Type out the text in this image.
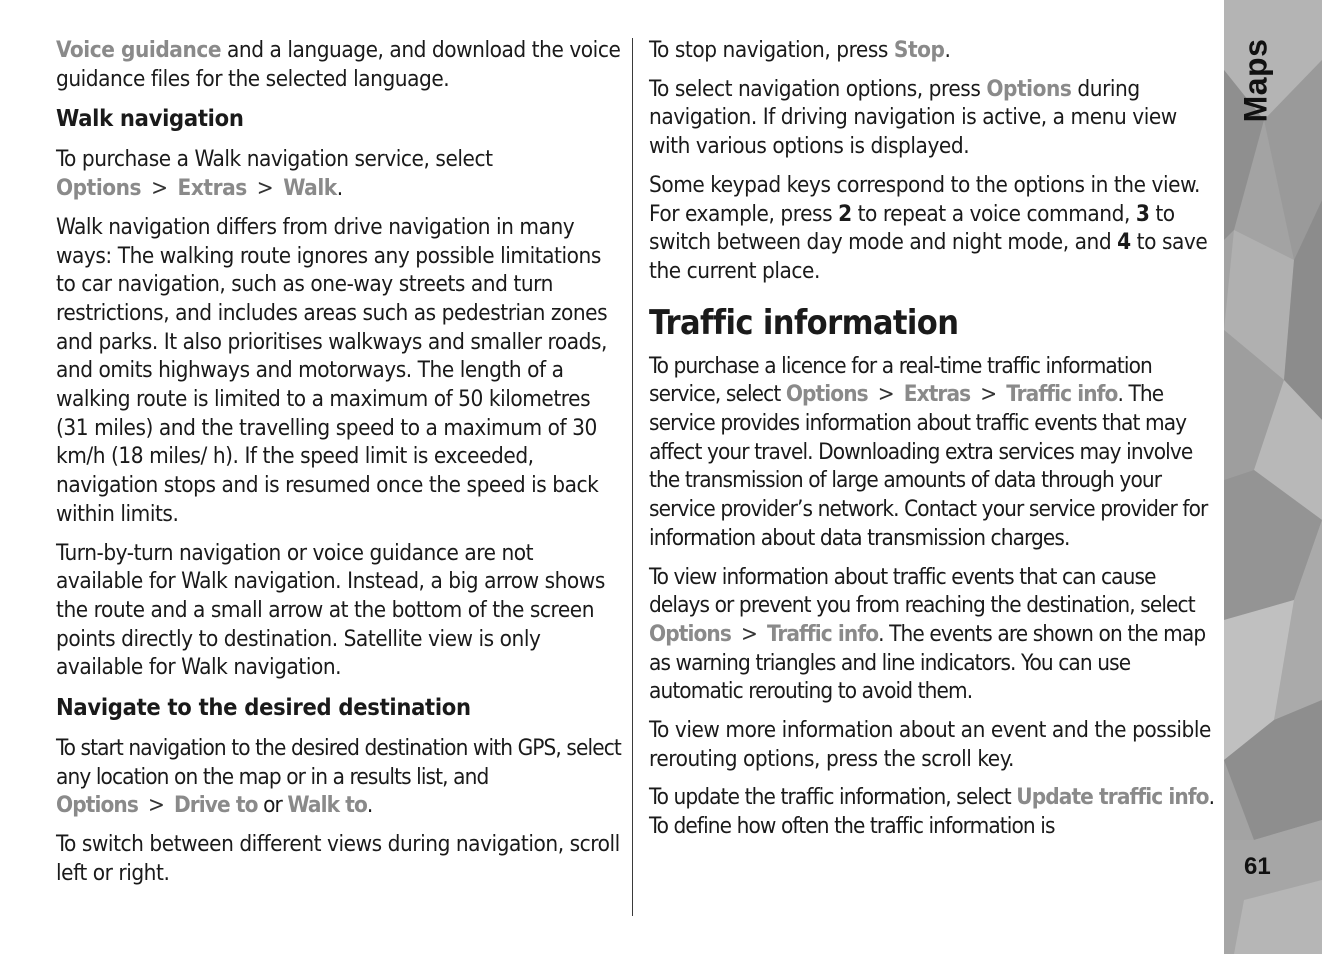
Voice guidance and a language, and download the voice guidance files for the selected language.

Walk navigation

To purchase a Walk navigation service, select
Options > Extras > Walk.

Walk navigation differs from drive navigation in many ways: The walking route ignores any possible limitations to car navigation, such as one-way streets and turn restrictions, and includes areas such as pedestrian zones and parks. It also prioritises walkways and smaller roads, and omits highways and motorways. The length of a walking route is limited to a maximum of 50 kilometres (31 miles) and the travelling speed to a maximum of 30 km/h (18 miles/ h). If the speed limit is exceeded, navigation stops and is resumed once the speed is back within limits.

Turn-by-turn navigation or voice guidance are not available for Walk navigation. Instead, a big arrow shows the route and a small arrow at the bottom of the screen points directly to destination. Satellite view is only available for Walk navigation.

Navigate to the desired destination

To start navigation to the desired destination with GPS, select any location on the map or in a results list, and Options > Drive to or Walk to.

To switch between different views during navigation, scroll left or right.

To stop navigation, press Stop.

To select navigation options, press Options during navigation. If driving navigation is active, a menu view with various options is displayed.

Some keypad keys correspond to the options in the view. For example, press 2 to repeat a voice command, 3 to switch between day mode and night mode, and 4 to save the current place.

Traffic information

To purchase a licence for a real-time traffic information service, select Options > Extras > Traffic info. The service provides information about traffic events that may affect your travel. Downloading extra services may involve the transmission of large amounts of data through your service provider’s network. Contact your service provider for information about data transmission charges.

To view information about traffic events that can cause delays or prevent you from reaching the destination, select Options > Traffic info. The events are shown on the map as warning triangles and line indicators. You can use automatic rerouting to avoid them.

To view more information about an event and the possible rerouting options, press the scroll key.

To update the traffic information, select Update traffic info. To define how often the traffic information is

Maps
61
